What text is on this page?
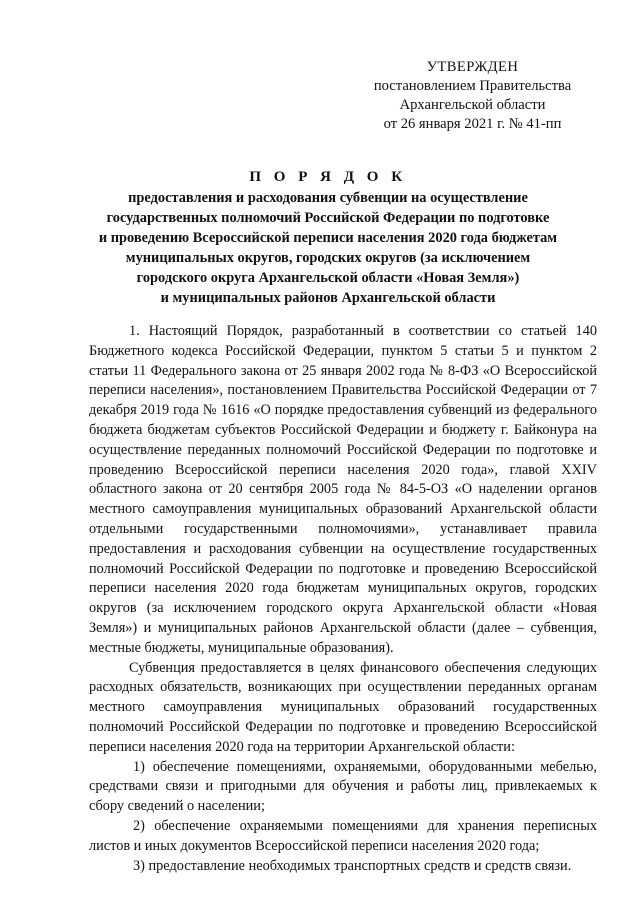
УТВЕРЖДЕН
постановлением Правительства
Архангельской области
от 26 января 2021 г. № 41-пп
П О Р Я Д О К
предоставления и расходования субвенции на осуществление
государственных полномочий Российской Федерации по подготовке
и проведению Всероссийской переписи населения 2020 года бюджетам
муниципальных округов, городских округов (за исключением
городского округа Архангельской области «Новая Земля»)
и муниципальных районов Архангельской области

1. Настоящий Порядок, разработанный в соответствии со статьей 140 Бюджетного кодекса Российской Федерации, пунктом 5 статьи 5 и пунктом 2 статьи 11 Федерального закона от 25 января 2002 года № 8-ФЗ «О Всероссийской переписи населения», постановлением Правительства Российской Федерации от 7 декабря 2019 года № 1616 «О порядке предоставления субвенций из федерального бюджета бюджетам субъектов Российской Федерации и бюджету г. Байконура на осуществление переданных полномочий Российской Федерации по подготовке и проведению Всероссийской переписи населения 2020 года», главой XXIV областного закона от 20 сентября 2005 года № 84-5-ОЗ «О наделении органов местного самоуправления муниципальных образований Архангельской области отдельными государственными полномочиями», устанавливает правила предоставления и расходования субвенции на осуществление государственных полномочий Российской Федерации по подготовке и проведению Всероссийской переписи населения 2020 года бюджетам муниципальных округов, городских округов (за исключением городского округа Архангельской области «Новая Земля») и муниципальных районов Архангельской области (далее – субвенция, местные бюджеты, муниципальные образования).

Субвенция предоставляется в целях финансового обеспечения следующих расходных обязательств, возникающих при осуществлении переданных органам местного самоуправления муниципальных образований государственных полномочий Российской Федерации по подготовке и проведению Всероссийской переписи населения 2020 года на территории Архангельской области:

1) обеспечение помещениями, охраняемыми, оборудованными мебелью, средствами связи и пригодными для обучения и работы лиц, привлекаемых к сбору сведений о населении;

2) обеспечение охраняемыми помещениями для хранения переписных листов и иных документов Всероссийской переписи населения 2020 года;

3) предоставление необходимых транспортных средств и средств связи.
